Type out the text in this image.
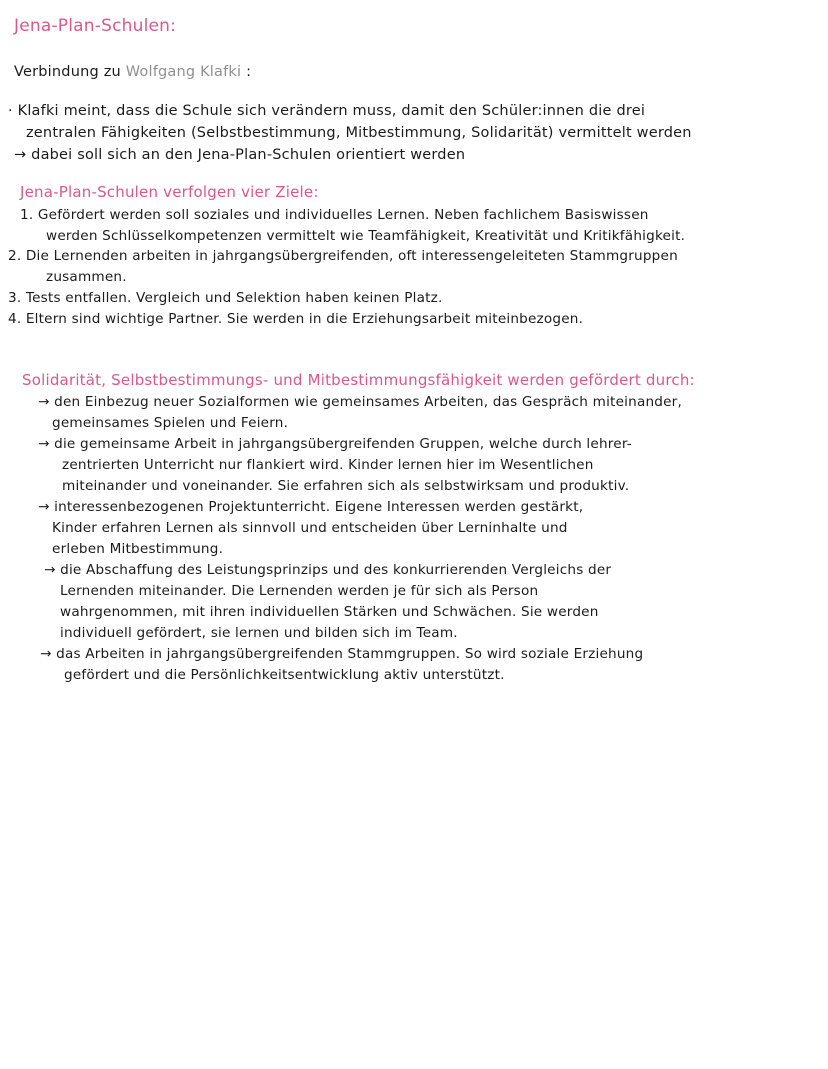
Jena-Plan-Schulen:
Verbindung zu Wolfgang Klafki :
· Klafki meint, dass die Schule sich verändern muss, damit den Schüler:innen die drei
zentralen Fähigkeiten (Selbstbestimmung, Mitbestimmung, Solidarität) vermittelt werden
→ dabei soll sich an den Jena-Plan-Schulen orientiert werden
Jena-Plan-Schulen verfolgen vier Ziele:
1. Gefördert werden soll soziales und individuelles Lernen. Neben fachlichem Basiswissen
werden Schlüsselkompetenzen vermittelt wie Teamfähigkeit, Kreativität und Kritikfähigkeit.
2. Die Lernenden arbeiten in jahrgangsübergreifenden, oft interessengeleiteten Stammgruppen
zusammen.
3. Tests entfallen. Vergleich und Selektion haben keinen Platz.
4. Eltern sind wichtige Partner. Sie werden in die Erziehungsarbeit miteinbezogen.
Solidarität, Selbstbestimmungs- und Mitbestimmungsfähigkeit werden gefördert durch:
→ den Einbezug neuer Sozialformen wie gemeinsames Arbeiten, das Gespräch miteinander,
gemeinsames Spielen und Feiern.
→ die gemeinsame Arbeit in jahrgangsübergreifenden Gruppen, welche durch lehrer-
zentrierten Unterricht nur flankiert wird. Kinder lernen hier im Wesentlichen
miteinander und voneinander. Sie erfahren sich als selbstwirksam und produktiv.
→ interessenbezogenen Projektunterricht. Eigene Interessen werden gestärkt,
Kinder erfahren Lernen als sinnvoll und entscheiden über Lerninhalte und
erleben Mitbestimmung.
→ die Abschaffung des Leistungsprinzips und des konkurrierenden Vergleichs der
Lernenden miteinander. Die Lernenden werden je für sich als Person
wahrgenommen, mit ihren individuellen Stärken und Schwächen. Sie werden
individuell gefördert, sie lernen und bilden sich im Team.
→ das Arbeiten in jahrgangsübergreifenden Stammgruppen. So wird soziale Erziehung
gefördert und die Persönlichkeitsentwicklung aktiv unterstützt.
